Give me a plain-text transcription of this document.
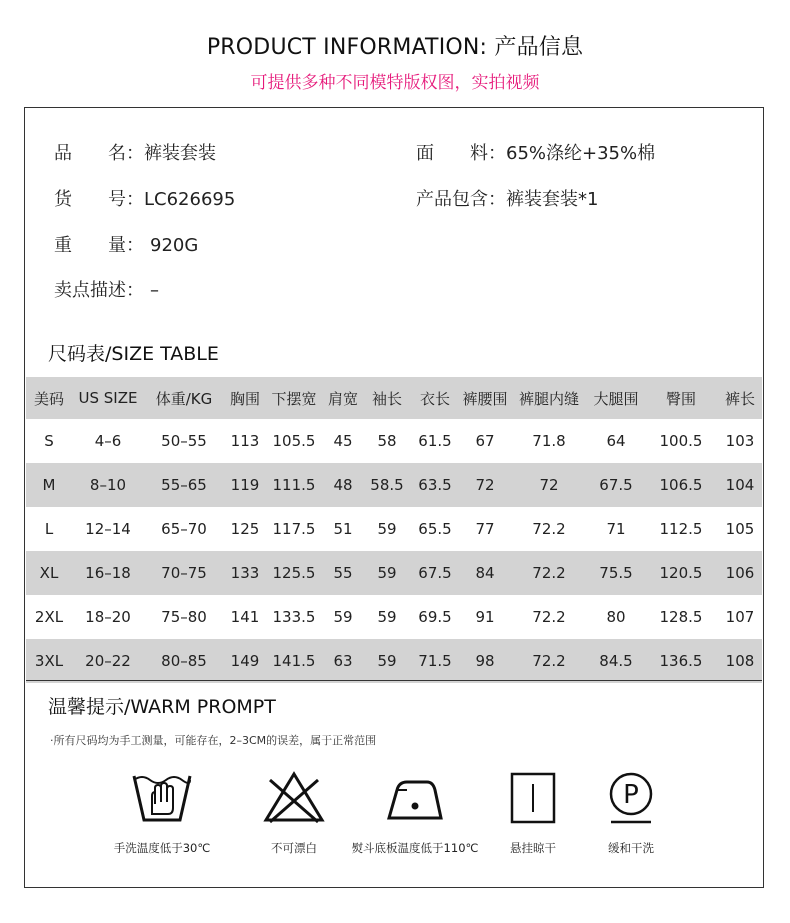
PRODUCT INFORMATION: 产品信息
可提供多种不同模特版权图，实拍视频
品　　名：裤装套装	面　　料：65%涤纶+35%棉
货　　号：LC626695	产品包含：裤装套装*1
重　　量： 920G
卖点描述： –
尺码表/SIZE TABLE
美码	US SIZE	体重/KG	胸围	下摆宽	肩宽	袖长	衣长	裤腰围	裤腿内缝	大腿围	臀围	裤长
S	4–6	50–55	113	105.5	45	58	61.5	67	71.8	64	100.5	103
M	8–10	55–65	119	111.5	48	58.5	63.5	72	72	67.5	106.5	104
L	12–14	65–70	125	117.5	51	59	65.5	77	72.2	71	112.5	105
XL	16–18	70–75	133	125.5	55	59	67.5	84	72.2	75.5	120.5	106
2XL	18–20	75–80	141	133.5	59	59	69.5	91	72.2	80	128.5	107
3XL	20–22	80–85	149	141.5	63	59	71.5	98	72.2	84.5	136.5	108
温馨提示/WARM PROMPT
·所有尺码均为手工测量，可能存在，2–3CM的误差，属于正常范围
手洗温度低于30℃	不可漂白	熨斗底板温度低于110℃	悬挂晾干
P
缓和干洗
